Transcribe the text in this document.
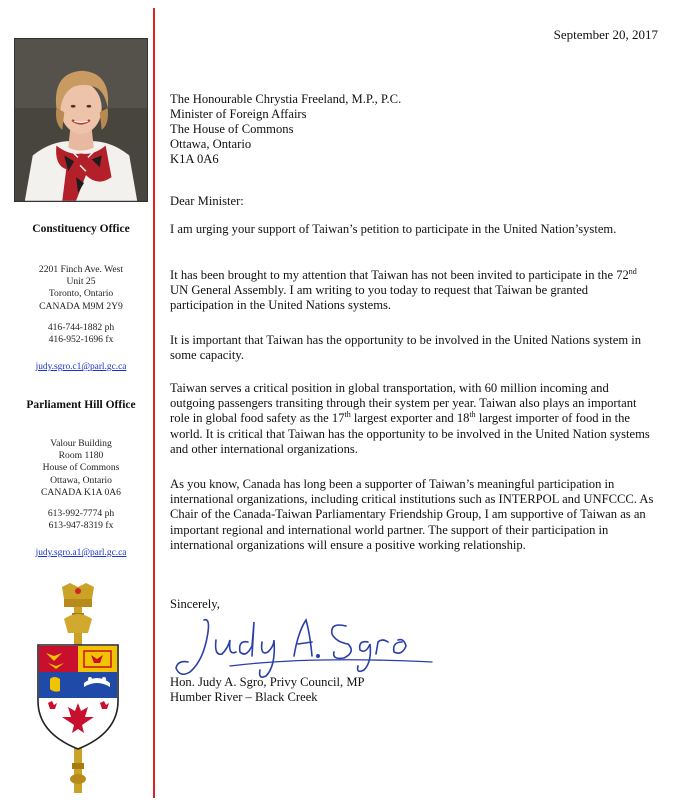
Constituency Office
2201 Finch Ave. West
Unit 25
Toronto, Ontario
CANADA M9M 2Y9
416-744-1882 ph
416-952-1696 fx
judy.sgro.c1@parl.gc.ca
Parliament Hill Office
Valour Building
Room 1180
House of Commons
Ottawa, Ontario
CANADA K1A 0A6
613-992-7774 ph
613-947-8319 fx
judy.sgro.a1@parl.gc.ca
September 20, 2017
The Honourable Chrystia Freeland, M.P., P.C.
Minister of Foreign Affairs
The House of Commons
Ottawa, Ontario
K1A 0A6
Dear Minister:
I am urging your support of Taiwan’s petition to participate in the United Nation’system.
It has been brought to my attention that Taiwan has not been invited to participate in the 72nd UN General Assembly. I am writing to you today to request that Taiwan be granted participation in the United Nations systems.
It is important that Taiwan has the opportunity to be involved in the United Nations system in some capacity.
Taiwan serves a critical position in global transportation, with 60 million incoming and outgoing passengers transiting through their system per year. Taiwan also plays an important role in global food safety as the 17th largest exporter and 18th largest importer of food in the world. It is critical that Taiwan has the opportunity to be involved in the United Nation systems and other international organizations.
As you know, Canada has long been a supporter of Taiwan’s meaningful participation in international organizations, including critical institutions such as INTERPOL and UNFCCC. As Chair of the Canada-Taiwan Parliamentary Friendship Group, I am supportive of Taiwan as an important regional and international world partner. The support of their participation in international organizations will ensure a positive working relationship.
Sincerely,
Hon. Judy A. Sgro, Privy Council, MP
Humber River – Black Creek
